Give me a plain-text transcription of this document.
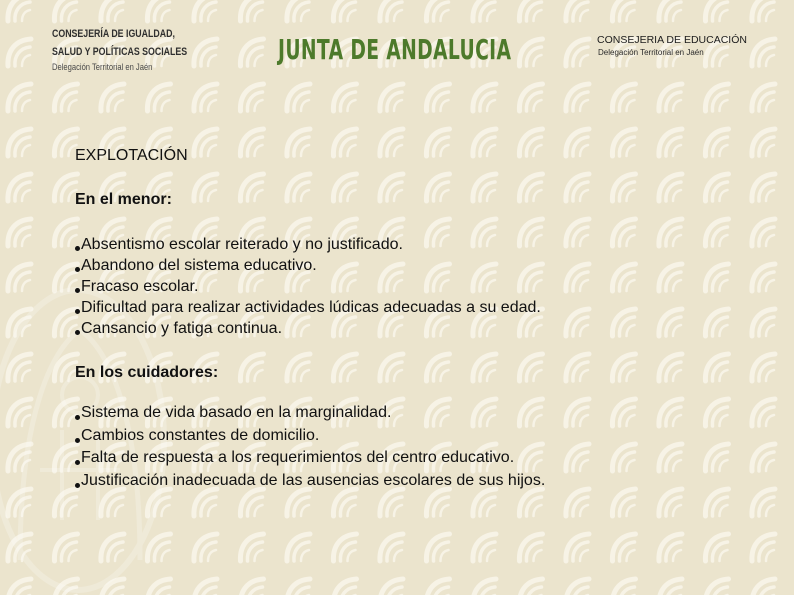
CONSEJERÍA DE IGUALDAD,
SALUD Y POLÍTICAS SOCIALES
Delegación Territorial en Jaén
JUNTA DE ANDALUCIA	CONSEJERIA DE EDUCACIÓN
Delegación Territorial en Jaén
EXPLOTACIÓN
En el menor:
Absentismo escolar reiterado y no justificado.
Abandono del sistema educativo.
Fracaso escolar.
Dificultad para realizar actividades lúdicas adecuadas a su edad.
Cansancio y fatiga continua.
En los cuidadores:
Sistema de vida basado en la marginalidad.
Cambios constantes de domicilio.
Falta de respuesta a los requerimientos del centro educativo.
Justificación inadecuada de las ausencias escolares de sus hijos.
